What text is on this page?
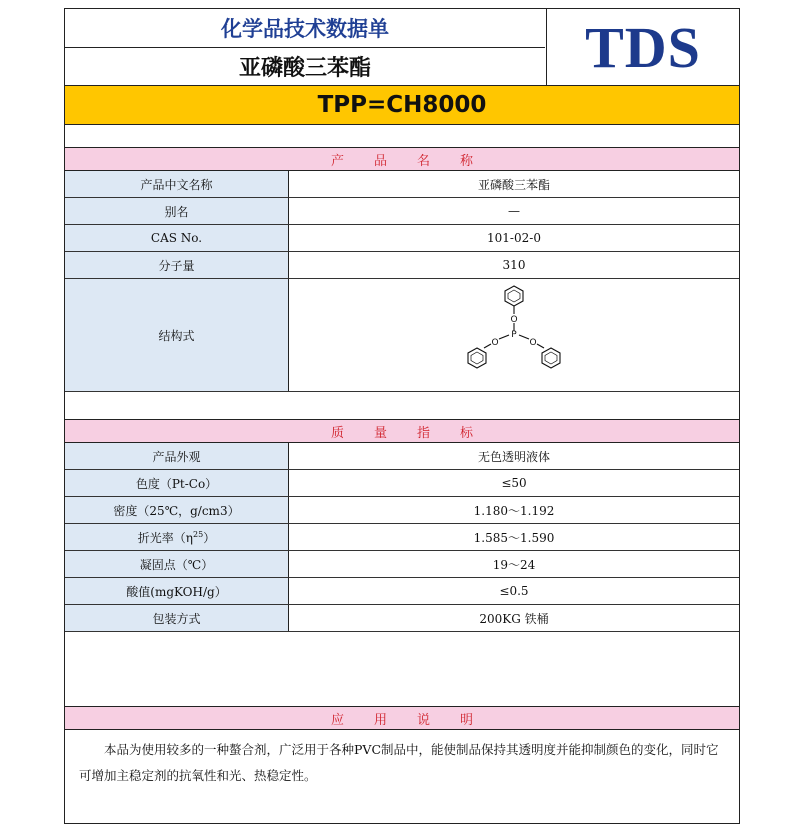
化学品技术数据单
亚磷酸三苯酯	TDS
TPP=CH8000
产品名称
产品中文名称	亚磷酸三苯酯
别名	—
CAS No.	101-02-0
分子量	310
结构式	O
P
O O
质量指标
产品外观	无色透明液体
色度（Pt-Co）	≤50
密度（25℃，g/cm3）	1.180～1.192
折光率$(\eta^{25})$	1.585～1.590
凝固点（℃）	19～24
酸值(mgKOH/g）	≤0.5
包装方式	200KG 铁桶
应用说明
本品为使用较多的一种螯合剂，广泛用于各种PVC制品中，能使制品保持其透明度并能抑制颜色的变化，同时它可增加主稳定剂的抗氧性和光、热稳定性。
